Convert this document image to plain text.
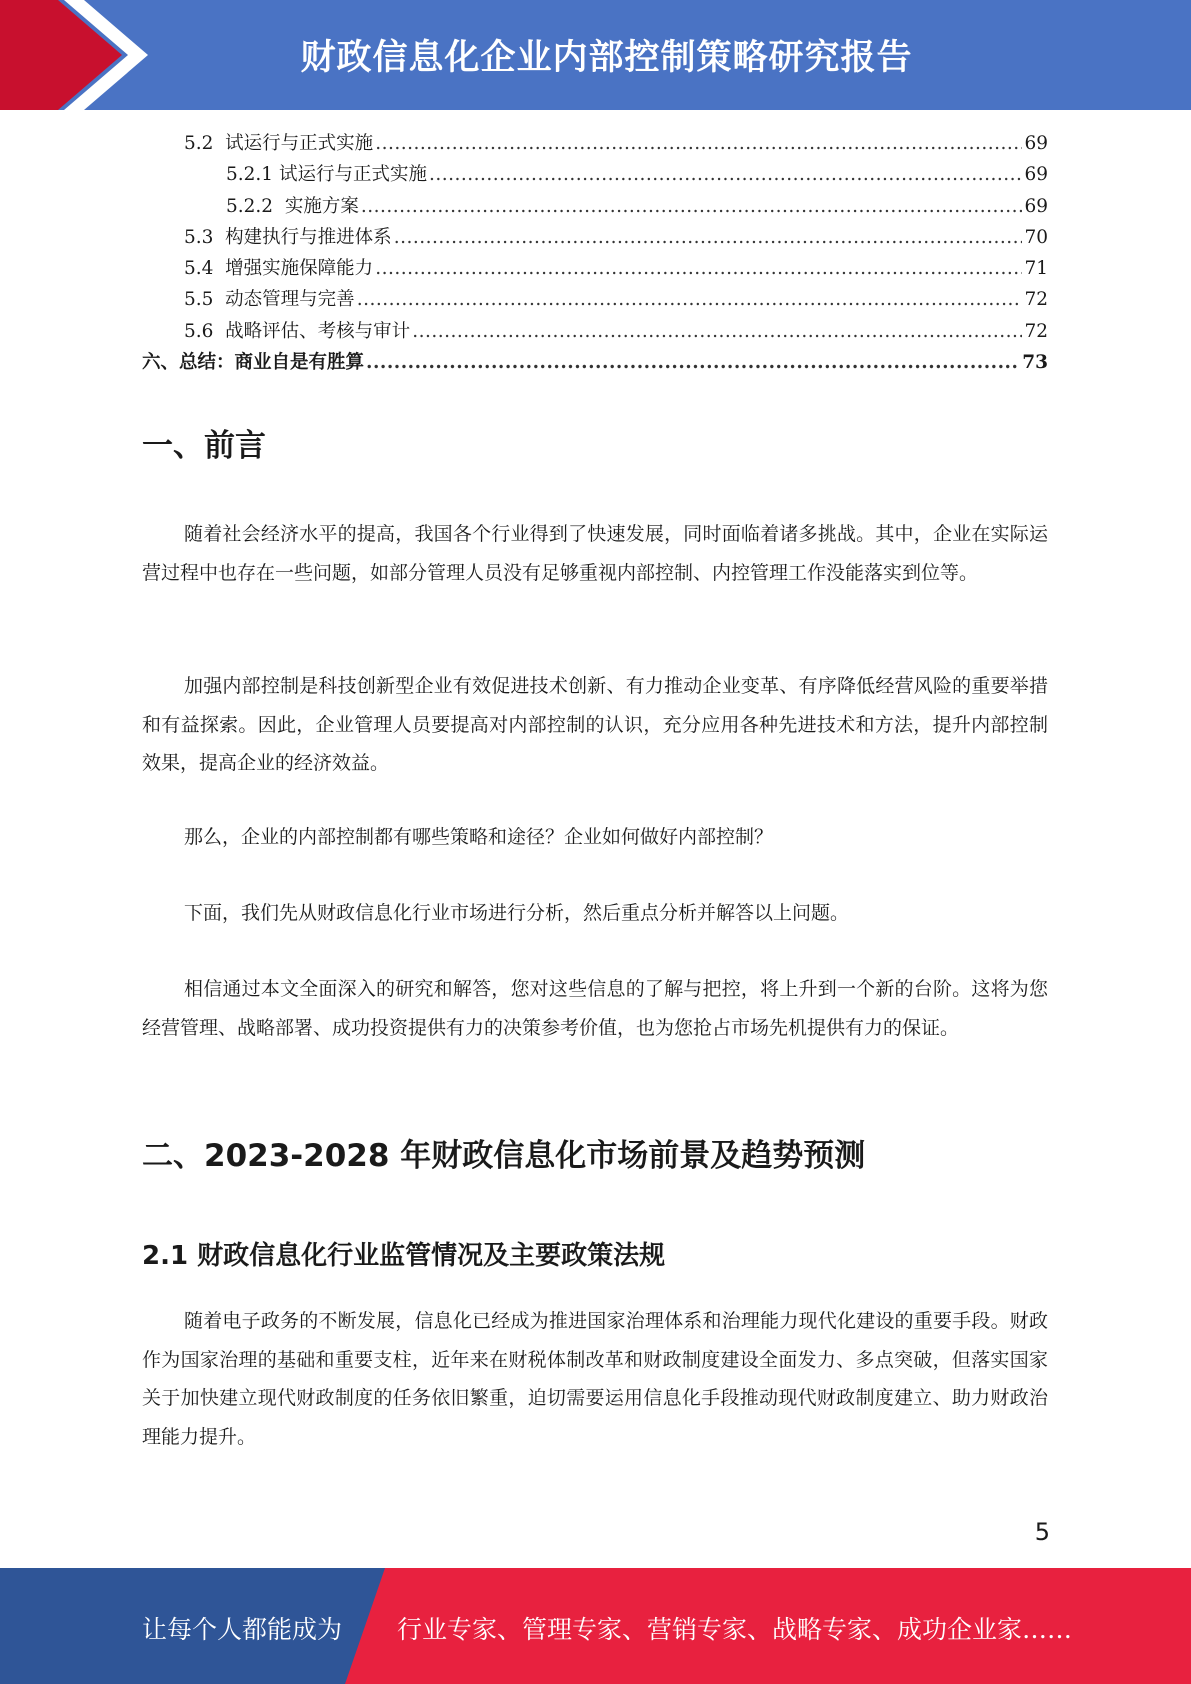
财政信息化企业内部控制策略研究报告
5.2  试运行与正式实施 .....	69
5.2.1 试运行与正式实施 .....	69
5.2.2  实施方案 .....	69
5.3  构建执行与推进体系 .....	70
5.4  增强实施保障能力 .....	71
5.5  动态管理与完善 .....	72
5.6  战略评估、考核与审计 .....	72
六、总结：商业自是有胜算 .....	73
一、前言

随着社会经济水平的提高，我国各个行业得到了快速发展，同时面临着诸多挑战。其中，企业在实际运营过程中也存在一些问题，如部分管理人员没有足够重视内部控制、内控管理工作没能落实到位等。

加强内部控制是科技创新型企业有效促进技术创新、有力推动企业变革、有序降低经营风险的重要举措和有益探索。因此，企业管理人员要提高对内部控制的认识，充分应用各种先进技术和方法，提升内部控制效果，提高企业的经济效益。

那么，企业的内部控制都有哪些策略和途径？企业如何做好内部控制？

下面，我们先从财政信息化行业市场进行分析，然后重点分析并解答以上问题。

相信通过本文全面深入的研究和解答，您对这些信息的了解与把控，将上升到一个新的台阶。这将为您经营管理、战略部署、成功投资提供有力的决策参考价值，也为您抢占市场先机提供有力的保证。

二、2023-2028 年财政信息化市场前景及趋势预测
2.1 财政信息化行业监管情况及主要政策法规

随着电子政务的不断发展，信息化已经成为推进国家治理体系和治理能力现代化建设的重要手段。财政作为国家治理的基础和重要支柱，近年来在财税体制改革和财政制度建设全面发力、多点突破，但落实国家关于加快建立现代财政制度的任务依旧繁重，迫切需要运用信息化手段推动现代财政制度建立、助力财政治理能力提升。

5
让每个人都能成为 行业专家、管理专家、营销专家、战略专家、成功企业家……
